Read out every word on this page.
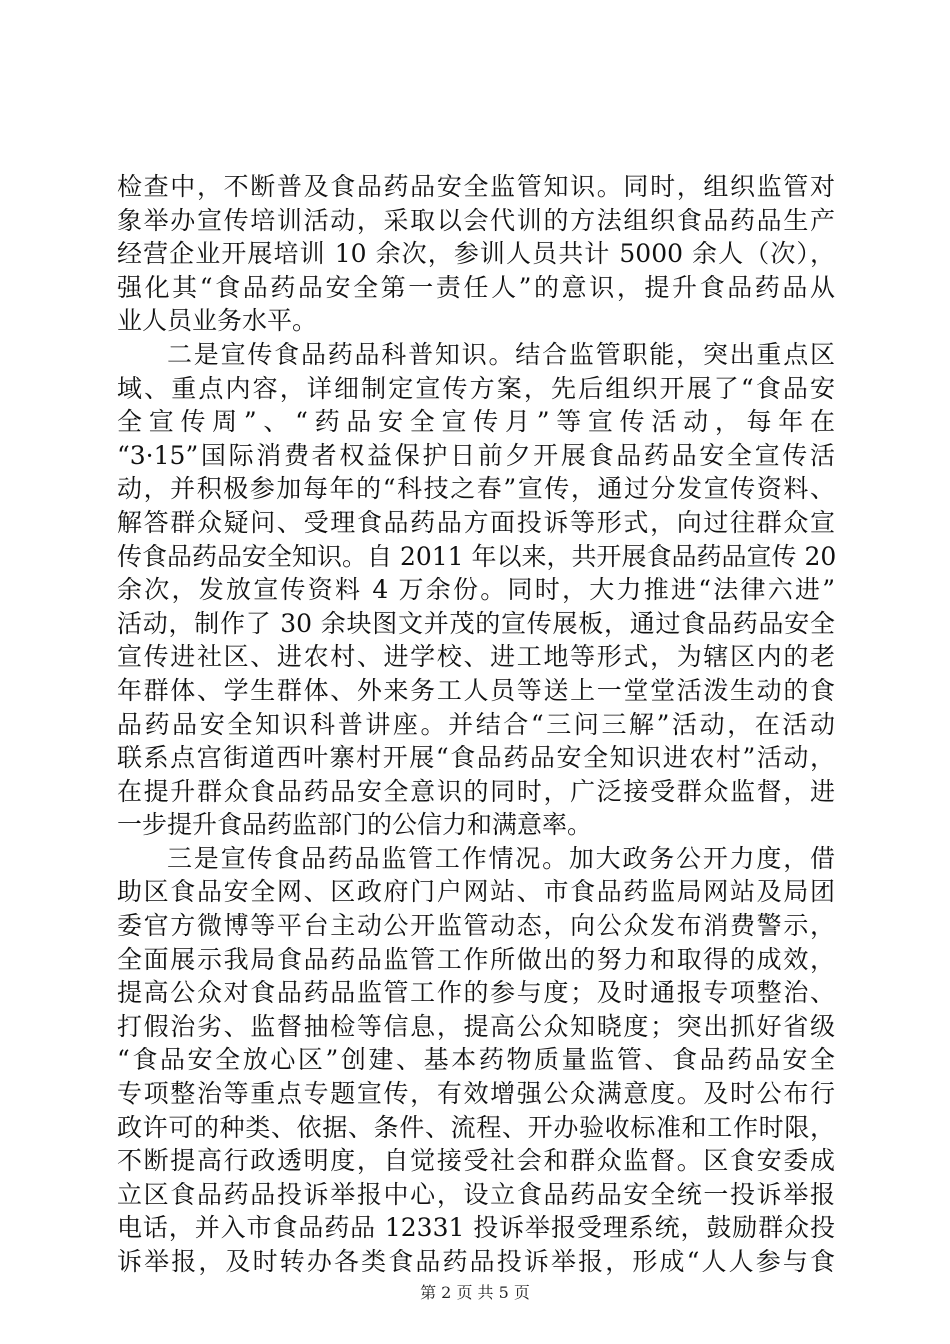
检查中，不断普及食品药品安全监管知识。同时，组织监管对
象举办宣传培训活动，采取以会代训的方法组织食品药品生产
经营企业开展培训 10 余次，参训人员共计 5000 余人（次），
强化其“食品药品安全第一责任人”的意识，提升食品药品从
业人员业务水平。
二是宣传食品药品科普知识。结合监管职能，突出重点区
域、重点内容，详细制定宣传方案，先后组织开展了“食品安
全宣传周”、“药品安全宣传月”等宣传活动，每年在
“3·15”国际消费者权益保护日前夕开展食品药品安全宣传活
动，并积极参加每年的“科技之春”宣传，通过分发宣传资料、
解答群众疑问、受理食品药品方面投诉等形式，向过往群众宣
传食品药品安全知识。自 2011 年以来，共开展食品药品宣传 20
余次，发放宣传资料 4 万余份。同时，大力推进“法律六进”
活动，制作了 30 余块图文并茂的宣传展板，通过食品药品安全
宣传进社区、进农村、进学校、进工地等形式，为辖区内的老
年群体、学生群体、外来务工人员等送上一堂堂活泼生动的食
品药品安全知识科普讲座。并结合“三问三解”活动，在活动
联系点宫街道西叶寨村开展“食品药品安全知识进农村”活动，
在提升群众食品药品安全意识的同时，广泛接受群众监督，进
一步提升食品药监部门的公信力和满意率。
三是宣传食品药品监管工作情况。加大政务公开力度，借
助区食品安全网、区政府门户网站、市食品药监局网站及局团
委官方微博等平台主动公开监管动态，向公众发布消费警示，
全面展示我局食品药品监管工作所做出的努力和取得的成效，
提高公众对食品药品监管工作的参与度；及时通报专项整治、
打假治劣、监督抽检等信息，提高公众知晓度；突出抓好省级
“食品安全放心区”创建、基本药物质量监管、食品药品安全
专项整治等重点专题宣传，有效增强公众满意度。及时公布行
政许可的种类、依据、条件、流程、开办验收标准和工作时限，
不断提高行政透明度，自觉接受社会和群众监督。区食安委成
立区食品药品投诉举报中心，设立食品药品安全统一投诉举报
电话，并入市食品药品 12331 投诉举报受理系统，鼓励群众投
诉举报，及时转办各类食品药品投诉举报，形成“人人参与食
第 2 页 共 5 页
